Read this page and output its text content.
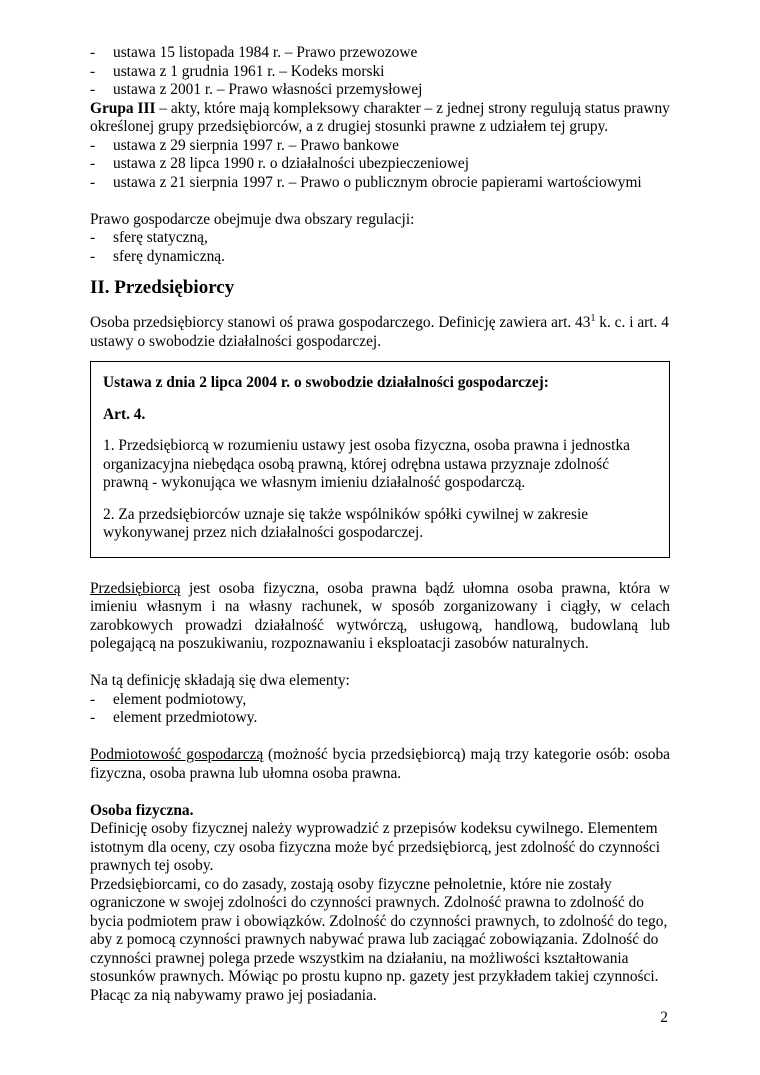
- ustawa 15 listopada 1984 r. – Prawo przewozowe
- ustawa z 1 grudnia 1961 r. – Kodeks morski
- ustawa z 2001 r. – Prawo własności przemysłowej

Grupa III – akty, które mają kompleksowy charakter – z jednej strony regulują status prawny określonej grupy przedsiębiorców, a z drugiej stosunki prawne z udziałem tej grupy.

- ustawa z 29 sierpnia 1997 r. – Prawo bankowe
- ustawa z 28 lipca 1990 r. o działalności ubezpieczeniowej
- ustawa z 21 sierpnia 1997 r. – Prawo o publicznym obrocie papierami wartościowymi

Prawo gospodarcze obejmuje dwa obszary regulacji:

- sferę statyczną,
- sferę dynamiczną.
II. Przedsiębiorcy

Osoba przedsiębiorcy stanowi oś prawa gospodarczego. Definicję zawiera art. $43^1$ k. c. i art. 4
ustawy o swobodzie działalności gospodarczej.

Ustawa z dnia 2 lipca 2004 r. o swobodzie działalności gospodarczej:

Art. 4.

1. Przedsiębiorcą w rozumieniu ustawy jest osoba fizyczna, osoba prawna i jednostka organizacyjna niebędąca osobą prawną, której odrębna ustawa przyznaje zdolność prawną - wykonująca we własnym imieniu działalność gospodarczą.

2. Za przedsiębiorców uznaje się także wspólników spółki cywilnej w zakresie wykonywanej przez nich działalności gospodarczej.

Przedsiębiorcą jest osoba fizyczna, osoba prawna bądź ułomna osoba prawna, która w imieniu własnym i na własny rachunek, w sposób zorganizowany i ciągły, w celach zarobkowych prowadzi działalność wytwórczą, usługową, handlową, budowlaną lub polegającą na poszukiwaniu, rozpoznawaniu i eksploatacji zasobów naturalnych.

Na tą definicję składają się dwa elementy:

- element podmiotowy,
- element przedmiotowy.

Podmiotowość gospodarczą (możność bycia przedsiębiorcą) mają trzy kategorie osób: osoba fizyczna, osoba prawna lub ułomna osoba prawna.

Osoba fizyczna.

Definicję osoby fizycznej należy wyprowadzić z przepisów kodeksu cywilnego. Elementem

istotnym dla oceny, czy osoba fizyczna może być przedsiębiorcą, jest zdolność do czynności

prawnych tej osoby.

Przedsiębiorcami, co do zasady, zostają osoby fizyczne pełnoletnie, które nie zostały

ograniczone w swojej zdolności do czynności prawnych. Zdolność prawna to zdolność do

bycia podmiotem praw i obowiązków. Zdolność do czynności prawnych, to zdolność do tego,

aby z pomocą czynności prawnych nabywać prawa lub zaciągać zobowiązania. Zdolność do

czynności prawnej polega przede wszystkim na działaniu, na możliwości kształtowania

stosunków prawnych. Mówiąc po prostu kupno np. gazety jest przykładem takiej czynności.

Płacąc za nią nabywamy prawo jej posiadania.

2
